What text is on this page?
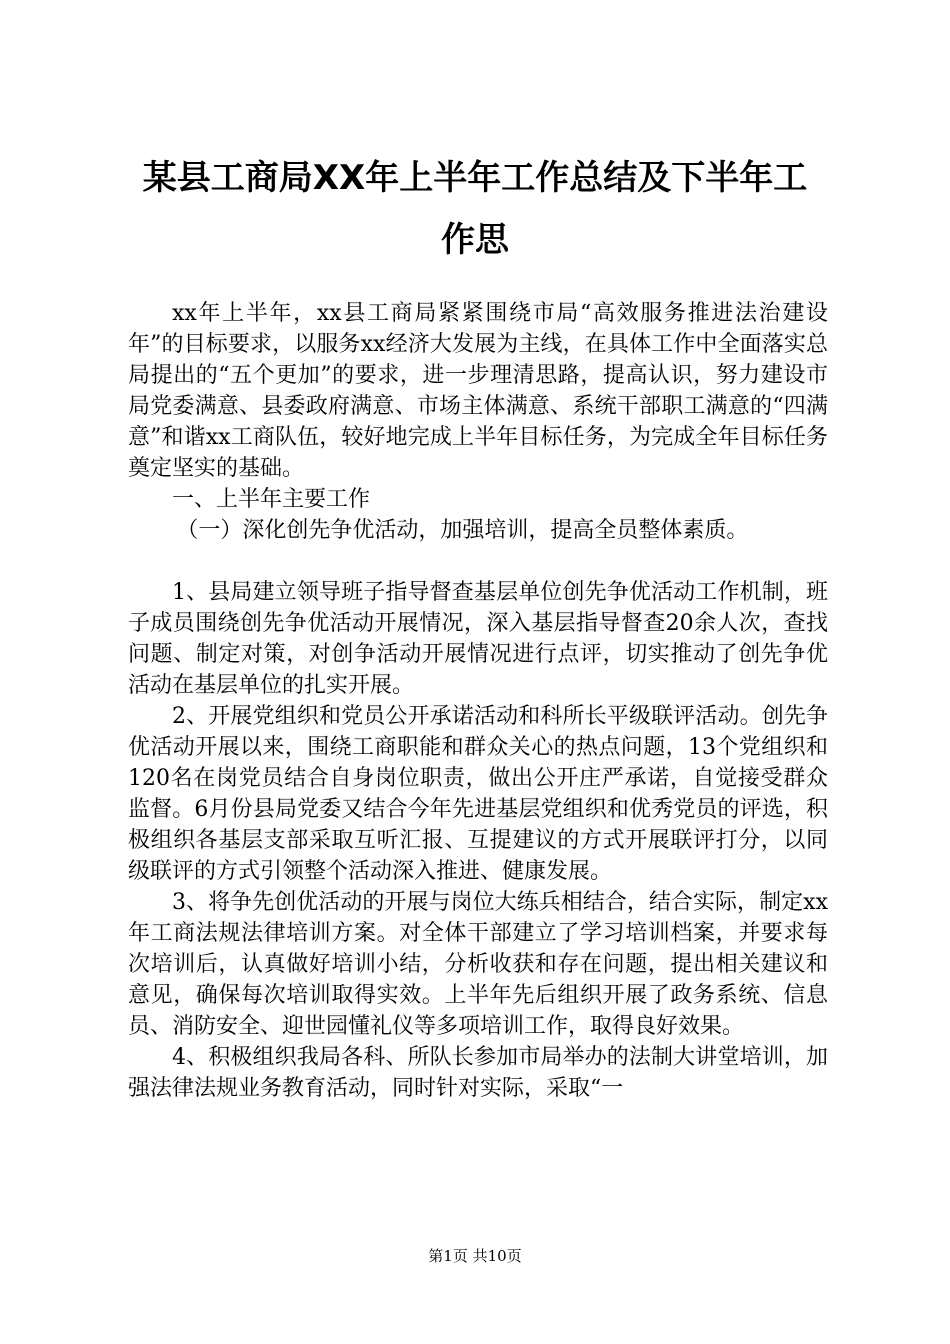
某县工商局XX年上半年工作总结及下半年工
作思

xx年上半年，xx县工商局紧紧围绕市局“高效服务推进法治建设年”的目标要求，以服务xx经济大发展为主线，在具体工作中全面落实总局提出的“五个更加”的要求，进一步理清思路，提高认识，努力建设市局党委满意、县委政府满意、市场主体满意、系统干部职工满意的“四满意”和谐xx工商队伍，较好地完成上半年目标任务，为完成全年目标任务奠定坚实的基础。

一、上半年主要工作

（一）深化创先争优活动，加强培训，提高全员整体素质。

1、县局建立领导班子指导督查基层单位创先争优活动工作机制，班子成员围绕创先争优活动开展情况，深入基层指导督查20余人次，查找问题、制定对策，对创争活动开展情况进行点评，切实推动了创先争优活动在基层单位的扎实开展。

2、开展党组织和党员公开承诺活动和科所长平级联评活动。创先争优活动开展以来，围绕工商职能和群众关心的热点问题，13个党组织和120名在岗党员结合自身岗位职责，做出公开庄严承诺，自觉接受群众监督。6月份县局党委又结合今年先进基层党组织和优秀党员的评选，积极组织各基层支部采取互听汇报、互提建议的方式开展联评打分，以同级联评的方式引领整个活动深入推进、健康发展。

3、将争先创优活动的开展与岗位大练兵相结合，结合实际，制定xx年工商法规法律培训方案。对全体干部建立了学习培训档案，并要求每次培训后，认真做好培训小结，分析收获和存在问题，提出相关建议和意见，确保每次培训取得实效。上半年先后组织开展了政务系统、信息员、消防安全、迎世园懂礼仪等多项培训工作，取得良好效果。

4、积极组织我局各科、所队长参加市局举办的法制大讲堂培训，加强法律法规业务教育活动，同时针对实际，采取“一

第1页 共10页
